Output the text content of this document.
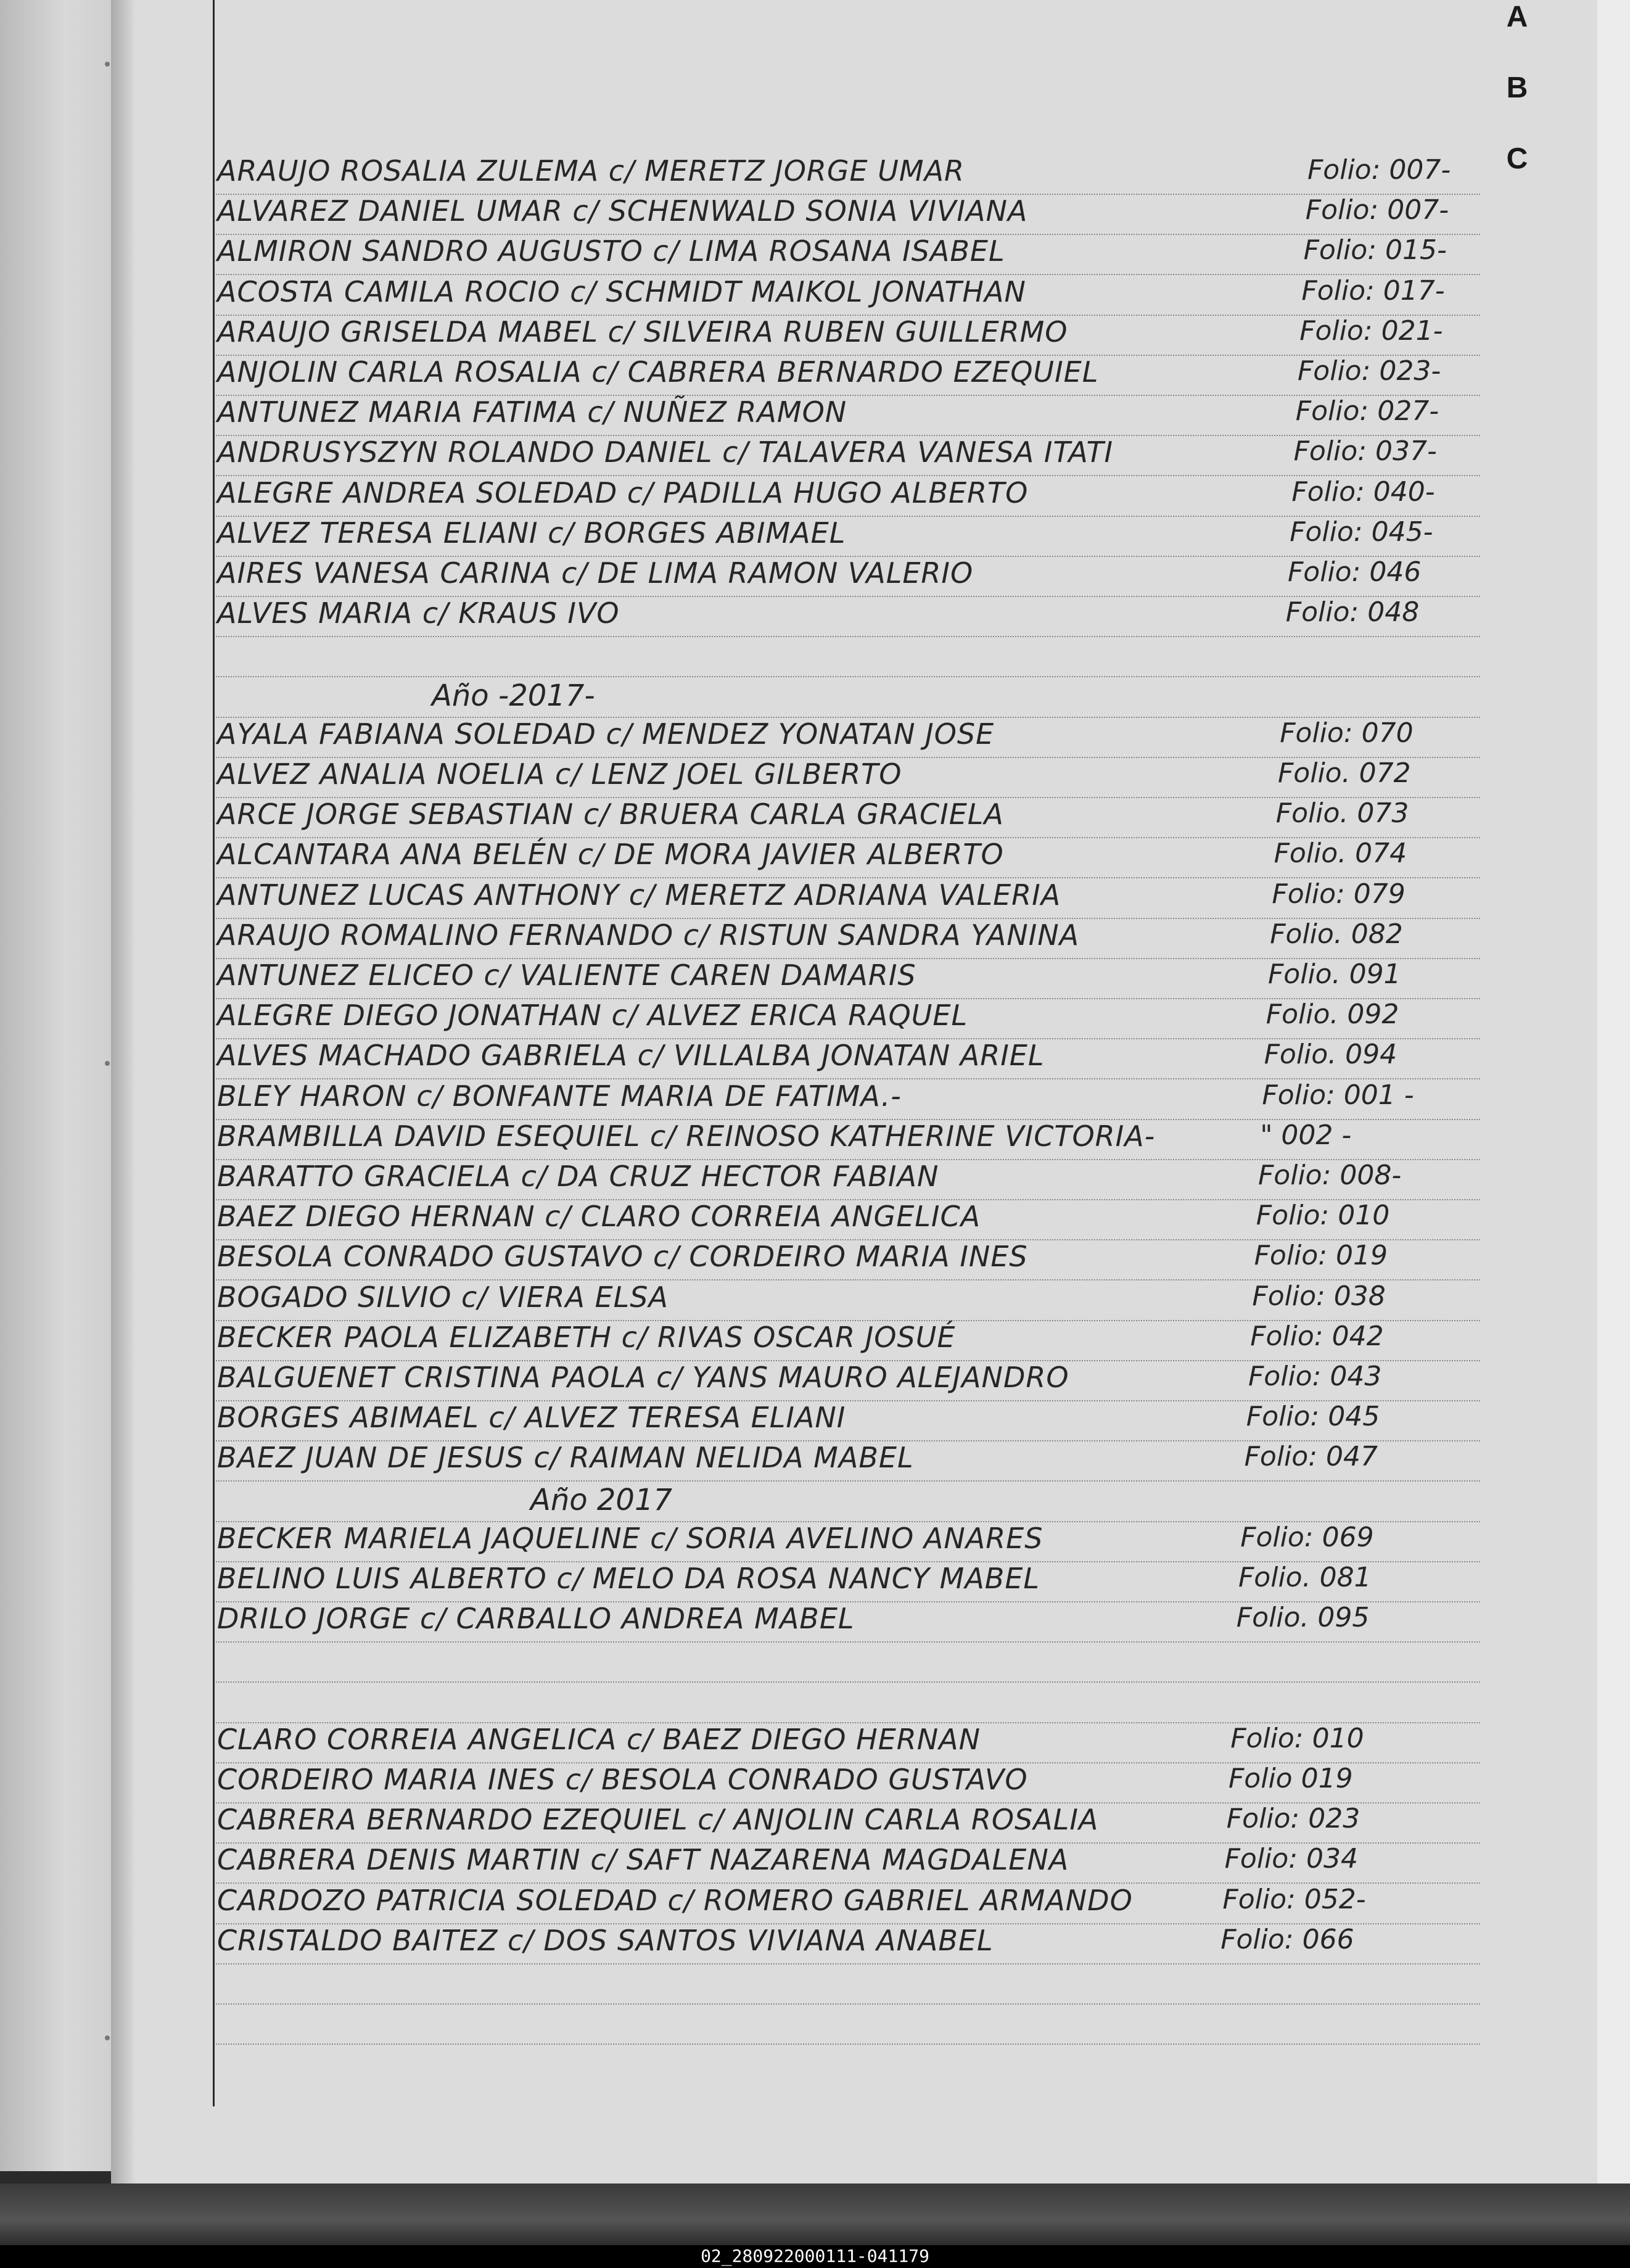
A
B
C
ARAUJO ROSALIA ZULEMA c/ MERETZ JORGE UMAR	Folio: 007-
ALVAREZ DANIEL UMAR c/ SCHENWALD SONIA VIVIANA	Folio: 007-
ALMIRON SANDRO AUGUSTO c/ LIMA ROSANA ISABEL	Folio: 015-
ACOSTA CAMILA ROCIO c/ SCHMIDT MAIKOL JONATHAN	Folio: 017-
ARAUJO GRISELDA MABEL c/ SILVEIRA RUBEN GUILLERMO	Folio: 021-
ANJOLIN CARLA ROSALIA c/ CABRERA BERNARDO EZEQUIEL	Folio: 023-
ANTUNEZ MARIA FATIMA c/ NUÑEZ RAMON	Folio: 027-
ANDRUSYSZYN ROLANDO DANIEL c/ TALAVERA VANESA ITATI	Folio: 037-
ALEGRE ANDREA SOLEDAD c/ PADILLA HUGO ALBERTO	Folio: 040-
ALVEZ TERESA ELIANI c/ BORGES ABIMAEL	Folio: 045-
AIRES VANESA CARINA c/ DE LIMA RAMON VALERIO	Folio: 046
ALVES MARIA c/ KRAUS IVO	Folio: 048
Año -2017-
AYALA FABIANA SOLEDAD c/ MENDEZ YONATAN JOSE	Folio: 070
ALVEZ ANALIA NOELIA c/ LENZ JOEL GILBERTO	Folio. 072
ARCE JORGE SEBASTIAN c/ BRUERA CARLA GRACIELA	Folio. 073
ALCANTARA ANA BELÉN c/ DE MORA JAVIER ALBERTO	Folio. 074
ANTUNEZ LUCAS ANTHONY c/ MERETZ ADRIANA VALERIA	Folio: 079
ARAUJO ROMALINO FERNANDO c/ RISTUN SANDRA YANINA	Folio. 082
ANTUNEZ ELICEO c/ VALIENTE CAREN DAMARIS	Folio. 091
ALEGRE DIEGO JONATHAN c/ ALVEZ ERICA RAQUEL	Folio. 092
ALVES MACHADO GABRIELA c/ VILLALBA JONATAN ARIEL	Folio. 094
BLEY HARON c/ BONFANTE MARIA DE FATIMA.-	Folio: 001 -
BRAMBILLA DAVID ESEQUIEL c/ REINOSO KATHERINE VICTORIA-	" 002 -
BARATTO GRACIELA c/ DA CRUZ HECTOR FABIAN	Folio: 008-
BAEZ DIEGO HERNAN c/ CLARO CORREIA ANGELICA	Folio: 010
BESOLA CONRADO GUSTAVO c/ CORDEIRO MARIA INES	Folio: 019
BOGADO SILVIO c/ VIERA ELSA	Folio: 038
BECKER PAOLA ELIZABETH c/ RIVAS OSCAR JOSUÉ	Folio: 042
BALGUENET CRISTINA PAOLA c/ YANS MAURO ALEJANDRO	Folio: 043
BORGES ABIMAEL c/ ALVEZ TERESA ELIANI	Folio: 045
BAEZ JUAN DE JESUS c/ RAIMAN NELIDA MABEL	Folio: 047
Año 2017
BECKER MARIELA JAQUELINE c/ SORIA AVELINO ANARES	Folio: 069
BELINO LUIS ALBERTO c/ MELO DA ROSA NANCY MABEL	Folio. 081
DRILO JORGE c/ CARBALLO ANDREA MABEL	Folio. 095
CLARO CORREIA ANGELICA c/ BAEZ DIEGO HERNAN	Folio: 010
CORDEIRO MARIA INES c/ BESOLA CONRADO GUSTAVO	Folio 019
CABRERA BERNARDO EZEQUIEL c/ ANJOLIN CARLA ROSALIA	Folio: 023
CABRERA DENIS MARTIN c/ SAFT NAZARENA MAGDALENA	Folio: 034
CARDOZO PATRICIA SOLEDAD c/ ROMERO GABRIEL ARMANDO	Folio: 052-
CRISTALDO BAITEZ c/ DOS SANTOS VIVIANA ANABEL	Folio: 066
02_280922000111-041179
